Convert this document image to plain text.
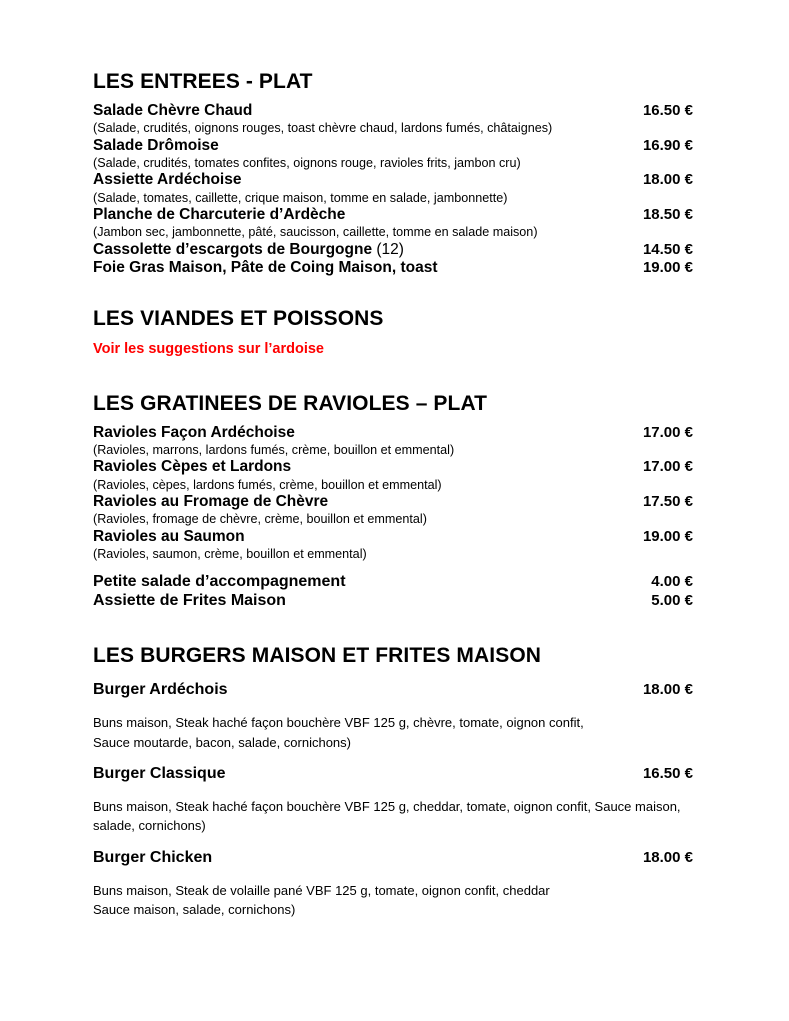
LES ENTREES - PLAT
Salade Chèvre Chaud	16.50 €

(Salade, crudités, oignons rouges, toast chèvre chaud, lardons fumés, châtaignes)

Salade Drômoise	16.90 €

(Salade, crudités, tomates confites, oignons rouge, ravioles frits, jambon cru)

Assiette Ardéchoise	18.00 €

(Salade, tomates, caillette, crique maison, tomme en salade, jambonnette)

Planche de Charcuterie d’Ardèche	18.50 €

(Jambon sec, jambonnette, pâté, saucisson, caillette, tomme en salade maison)

Cassolette d’escargots de Bourgogne (12)	14.50 €
Foie Gras Maison, Pâte de Coing Maison, toast	19.00 €
LES VIANDES ET POISSONS

Voir les suggestions sur l’ardoise

LES GRATINEES DE RAVIOLES – PLAT
Ravioles Façon Ardéchoise	17.00 €

(Ravioles, marrons, lardons fumés, crème, bouillon et emmental)

Ravioles Cèpes et Lardons	17.00 €

(Ravioles, cèpes, lardons fumés, crème, bouillon et emmental)

Ravioles au Fromage de Chèvre	17.50 €

(Ravioles, fromage de chèvre, crème, bouillon et emmental)

Ravioles au Saumon	19.00 €

(Ravioles, saumon, crème, bouillon et emmental)

Petite salade d’accompagnement	4.00 €
Assiette de Frites Maison	5.00 €
LES BURGERS MAISON ET FRITES MAISON
Burger Ardéchois	18.00 €

Buns maison, Steak haché façon bouchère VBF 125 g, chèvre, tomate, oignon confit,
Sauce moutarde, bacon, salade, cornichons)

Burger Classique	16.50 €

Buns maison, Steak haché façon bouchère VBF 125 g, cheddar, tomate, oignon confit, Sauce maison,
salade, cornichons)

Burger Chicken	18.00 €

Buns maison, Steak de volaille pané VBF 125 g, tomate, oignon confit, cheddar
Sauce maison, salade, cornichons)
